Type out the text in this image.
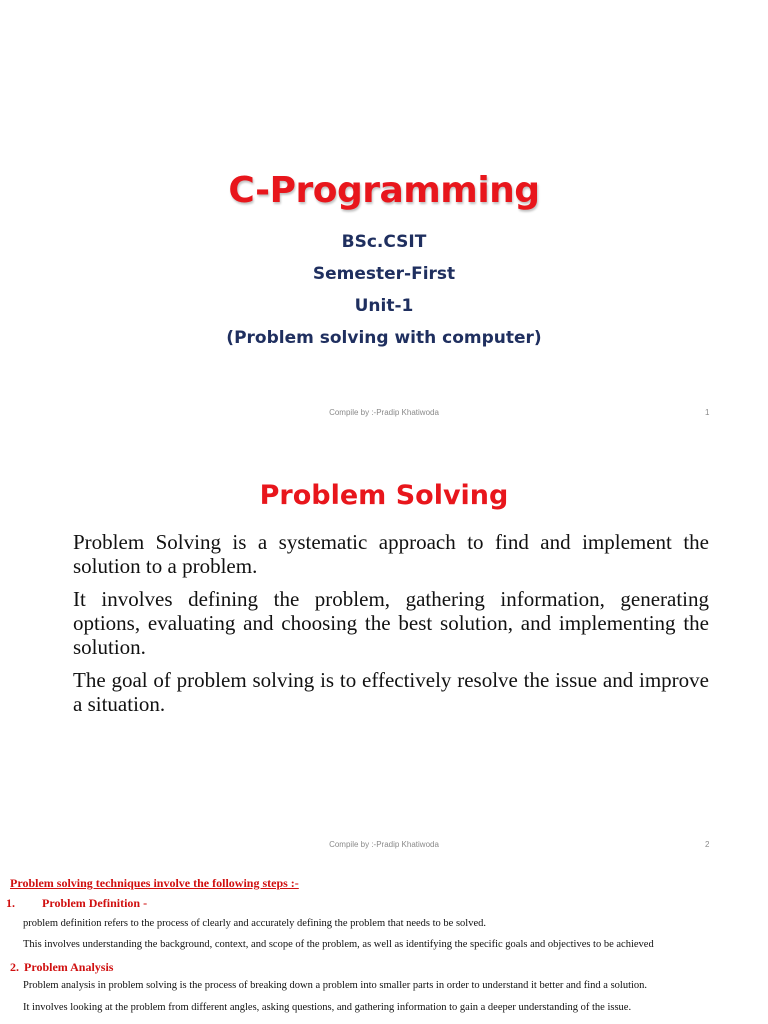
C-Programming
BSc.CSIT
Semester-First
Unit-1
(Problem solving with computer)
Compile by :-Pradip Khatiwoda	1
Problem Solving
Problem Solving is a systematic approach to find and implement the solution to a problem.
It involves defining the problem, gathering information, generating options, evaluating and choosing the best solution, and implementing the solution.
The goal of problem solving is to effectively resolve the issue and improve a situation.
Compile by :-Pradip Khatiwoda	2
Problem solving techniques involve the following steps :-
1. Problem Definition -
problem definition refers to the process of clearly and accurately defining the problem that needs to be solved.
This involves understanding the background, context, and scope of the problem, as well as identifying the specific goals and objectives to be achieved
2. Problem Analysis
Problem analysis in problem solving is the process of breaking down a problem into smaller parts in order to understand it better and find a solution.
It involves looking at the problem from different angles, asking questions, and gathering information to gain a deeper understanding of the issue.
